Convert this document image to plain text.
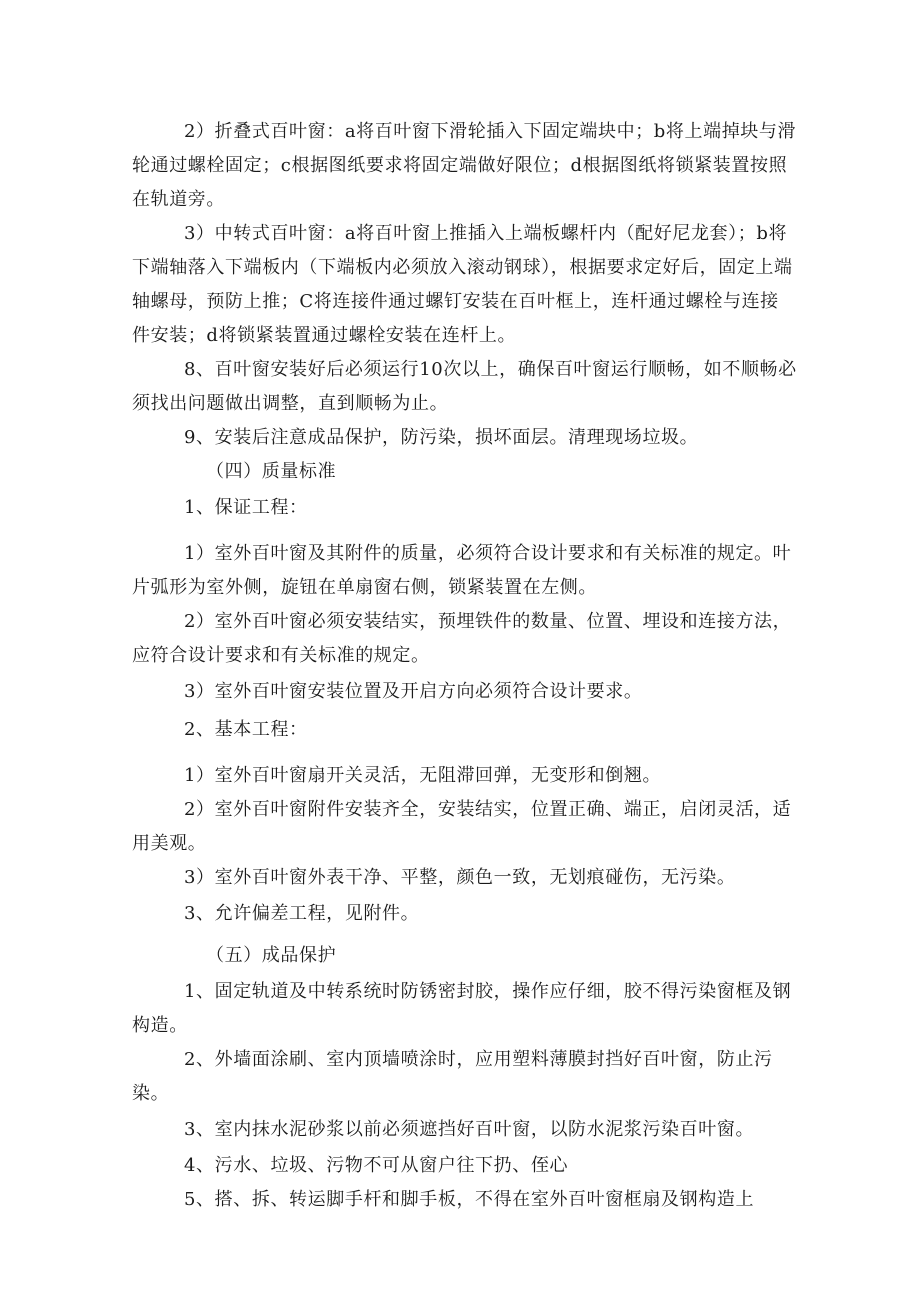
2）折叠式百叶窗：a将百叶窗下滑轮插入下固定端块中；b将上端掉块与滑轮通过螺栓固定；c根据图纸要求将固定端做好限位；d根据图纸将锁紧装置按照在轨道旁。

3）中转式百叶窗：a将百叶窗上推插入上端板螺杆内（配好尼龙套）；b将下端轴落入下端板内（下端板内必须放入滚动钢球），根据要求定好后，固定上端轴螺母，预防上推；C将连接件通过螺钉安装在百叶框上，连杆通过螺栓与连接件安装；d将锁紧装置通过螺栓安装在连杆上。

8、百叶窗安装好后必须运行10次以上，确保百叶窗运行顺畅，如不顺畅必须找出问题做出调整，直到顺畅为止。

9、安装后注意成品保护，防污染，损坏面层。清理现场垃圾。

（四）质量标准

1、保证工程：

1）室外百叶窗及其附件的质量，必须符合设计要求和有关标准的规定。叶片弧形为室外侧，旋钮在单扇窗右侧，锁紧装置在左侧。

2）室外百叶窗必须安装结实，预埋铁件的数量、位置、埋设和连接方法，应符合设计要求和有关标准的规定。

3）室外百叶窗安装位置及开启方向必须符合设计要求。

2、基本工程：

1）室外百叶窗扇开关灵活，无阻滞回弹，无变形和倒翘。

2）室外百叶窗附件安装齐全，安装结实，位置正确、端正，启闭灵活，适用美观。

3）室外百叶窗外表干净、平整，颜色一致，无划痕碰伤，无污染。

3、允许偏差工程，见附件。

（五）成品保护

1、固定轨道及中转系统时防锈密封胶，操作应仔细，胶不得污染窗框及钢构造。

2、外墙面涂刷、室内顶墙喷涂时，应用塑料薄膜封挡好百叶窗，防止污染。

3、室内抹水泥砂浆以前必须遮挡好百叶窗，以防水泥浆污染百叶窗。

4、污水、垃圾、污物不可从窗户往下扔、侄心

5、搭、拆、转运脚手杆和脚手板，不得在室外百叶窗框扇及钢构造上
